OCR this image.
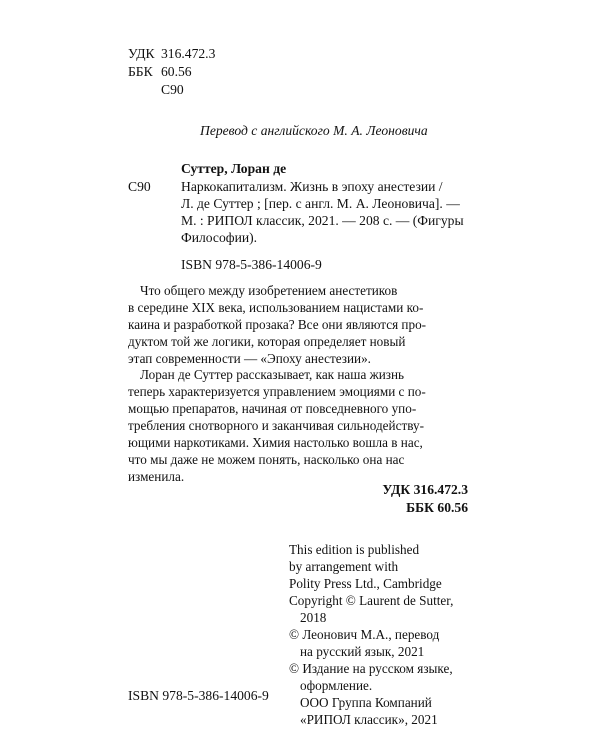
УДК 316.472.3
ББК 60.56
С90
Перевод с английского М. А. Леоновича
Суттер, Лоран де
С90 Наркокапитализм. Жизнь в эпоху анестезии /
Л. де Суттер ; [пер. с англ. М. А. Леоновича]. —
М. : РИПОЛ классик, 2021. — 208 с. — (Фигуры
Философии).
ISBN 978-5-386-14006-9
Что общего между изобретением анестетиков
в середине XIX века, использованием нацистами ко-
каина и разработкой прозака? Все они являются про-
дуктом той же логики, которая определяет новый
этап современности — «Эпоху анестезии».
Лоран де Суттер рассказывает, как наша жизнь
теперь характеризуется управлением эмоциями с по-
мощью препаратов, начиная от повседневного упо-
требления снотворного и заканчивая сильнодейству-
ющими наркотиками. Химия настолько вошла в нас,
что мы даже не можем понять, насколько она нас
изменила.
УДК 316.472.3
ББК 60.56
This edition is published
by arrangement with
Polity Press Ltd., Cambridge
Copyright © Laurent de Sutter,
2018
© Леонович М.А., перевод
на русский язык, 2021
© Издание на русском языке,
оформление.
ООО Группа Компаний
«РИПОЛ классик», 2021
ISBN 978-5-386-14006-9
